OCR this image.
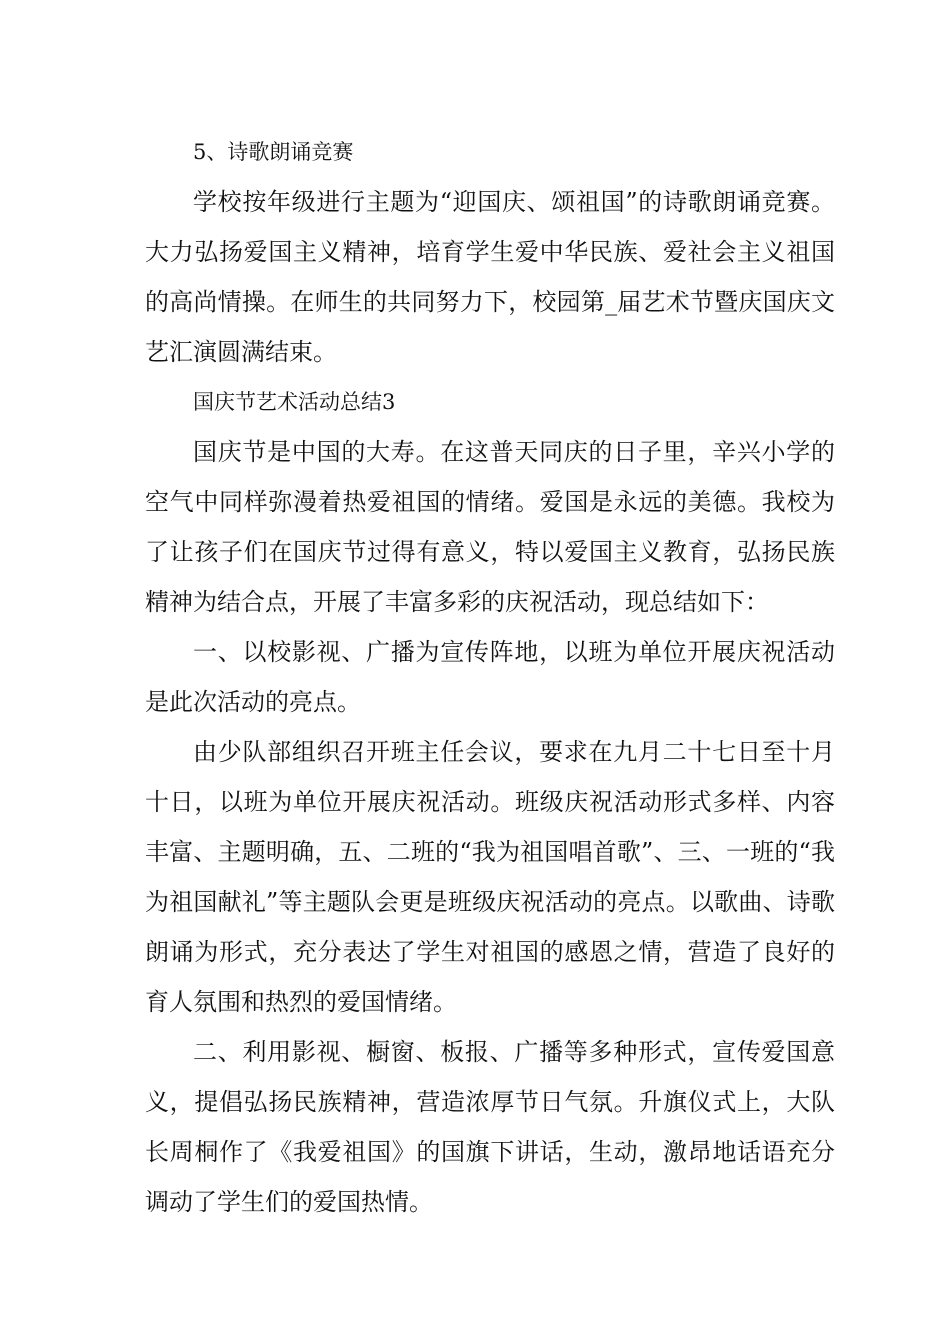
5、诗歌朗诵竞赛

学校按年级进行主题为“迎国庆、颂祖国”的诗歌朗诵竞赛。大力弘扬爱国主义精神，培育学生爱中华民族、爱社会主义祖国的高尚情操。在师生的共同努力下，校园第_届艺术节暨庆国庆文艺汇演圆满结束。

国庆节艺术活动总结3

国庆节是中国的大寿。在这普天同庆的日子里，辛兴小学的空气中同样弥漫着热爱祖国的情绪。爱国是永远的美德。我校为了让孩子们在国庆节过得有意义，特以爱国主义教育，弘扬民族精神为结合点，开展了丰富多彩的庆祝活动，现总结如下：

一、以校影视、广播为宣传阵地，以班为单位开展庆祝活动是此次活动的亮点。

由少队部组织召开班主任会议，要求在九月二十七日至十月十日，以班为单位开展庆祝活动。班级庆祝活动形式多样、内容丰富、主题明确，五、二班的“我为祖国唱首歌”、三、一班的“我为祖国献礼”等主题队会更是班级庆祝活动的亮点。以歌曲、诗歌朗诵为形式，充分表达了学生对祖国的感恩之情，营造了良好的育人氛围和热烈的爱国情绪。

二、利用影视、橱窗、板报、广播等多种形式，宣传爱国意义，提倡弘扬民族精神，营造浓厚节日气氛。升旗仪式上，大队长周桐作了《我爱祖国》的国旗下讲话，生动，激昂地话语充分调动了学生们的爱国热情。
